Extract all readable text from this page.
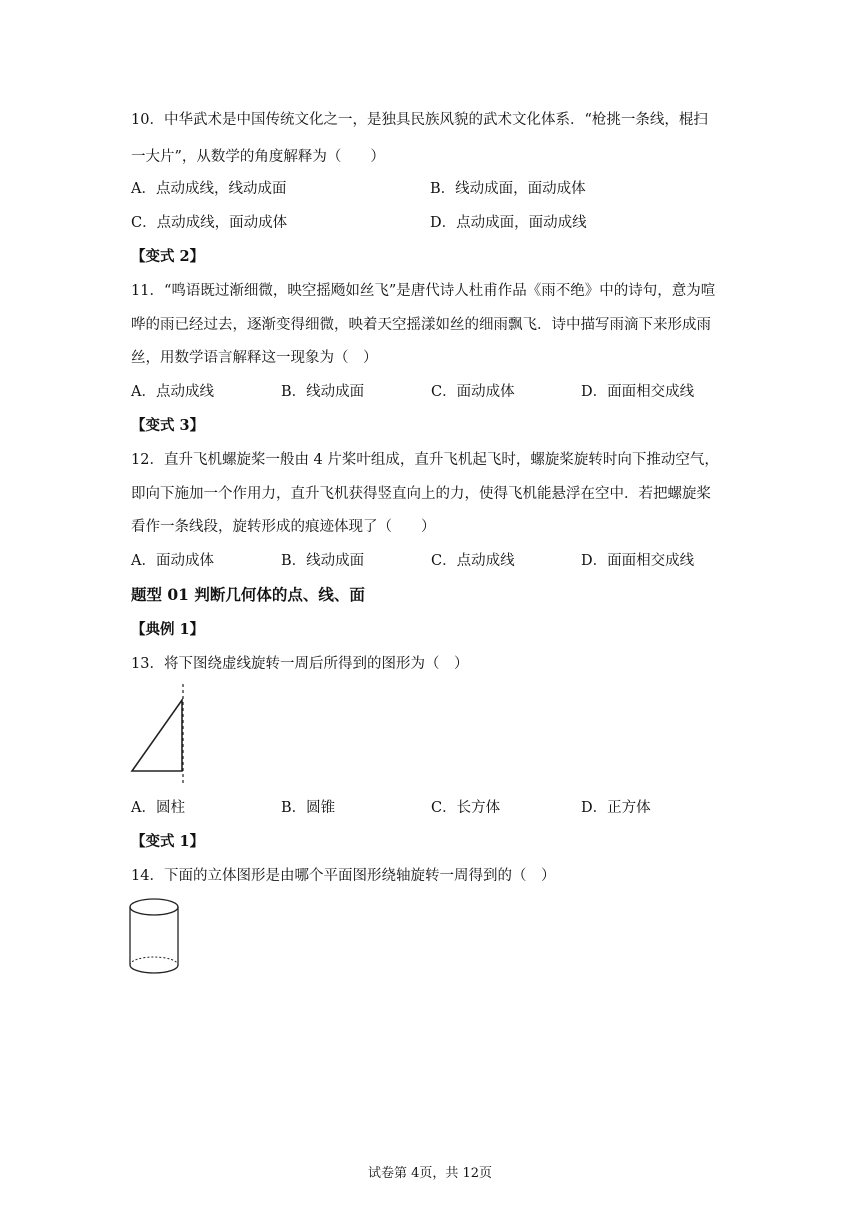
10．中华武术是中国传统文化之一，是独具民族风貌的武术文化体系．“枪挑一条线，棍扫
一大片”，从数学的角度解释为（　　）
A．点动成线，线动成面	B．线动成面，面动成体
C．点动成线，面动成体	D．点动成面，面动成线
【变式 2】
11．“鸣语既过渐细微，映空摇飏如丝飞”是唐代诗人杜甫作品《雨不绝》中的诗句，意为喧
哗的雨已经过去，逐渐变得细微，映着天空摇漾如丝的细雨飘飞．诗中描写雨滴下来形成雨
丝，用数学语言解释这一现象为（　）
A．点动成线	B．线动成面	C．面动成体	D．面面相交成线
【变式 3】
12．直升飞机螺旋桨一般由 4 片桨叶组成，直升飞机起飞时，螺旋桨旋转时向下推动空气，
即向下施加一个作用力，直升飞机获得竖直向上的力，使得飞机能悬浮在空中．若把螺旋桨
看作一条线段，旋转形成的痕迹体现了（　　）
A．面动成体	B．线动成面	C．点动成线	D．面面相交成线
题型 01 判断几何体的点、线、面
【典例 1】
13．将下图绕虚线旋转一周后所得到的图形为（　）
A．圆柱	B．圆锥	C．长方体	D．正方体
【变式 1】
14．下面的立体图形是由哪个平面图形绕轴旋转一周得到的（　）
试卷第 4页，共 12页
